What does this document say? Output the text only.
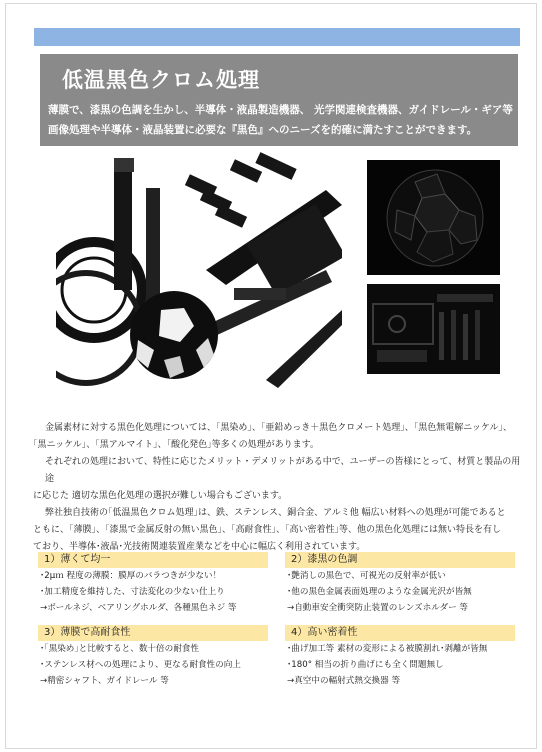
低温黒色クロム処理
薄膜で、漆黒の色調を生かし、半導体・液晶製造機器、 光学関連検査機器、ガイドレール・ギア等
画像処理や半導体・液晶装置に必要な『黒色』へのニーズを的確に満たすことができます。

金属素材に対する黒色化処理については、｢黒染め｣、｢亜鉛めっき＋黒色クロメート処理｣、｢黒色無電解ニッケル｣、

｢黒ニッケル｣、｢黒アルマイト｣、｢酸化発色｣等多くの処理があります。

それぞれの処理において、特性に応じたメリット・デメリットがある中で、ユーザーの皆様にとって、材質と製品の用途

に応じた 適切な黒色化処理の選択が難しい場合もございます。

弊社独自技術の｢低温黒色クロム処理｣は、鉄、ステンレス、銅合金、アルミ他 幅広い材料への処理が可能であると

ともに、｢薄膜｣、｢漆黒で金属反射の無い黒色｣、｢高耐食性｣、｢高い密着性｣等、他の黒色化処理には無い特長を有し

ており、半導体･液晶･光技術関連装置産業などを中心に幅広く利用されています。

1）薄くて均一
･2μｍ 程度の薄膜：膜厚のバラつきが少ない！
･加工精度を維持した、寸法変化の少ない仕上り
→ボールネジ、ベアリングホルダ、各種黒色ネジ 等
2）漆黒の色調
･艶消しの黒色で、可視光の反射率が低い
･他の黒色金属表面処理のような金属光沢が皆無
→自動車安全衝突防止装置のレンズホルダー 等
3）薄膜で高耐食性
･｢黒染め｣と比較すると、数十倍の耐食性
･ステンレス材への処理により、更なる耐食性の向上
→精密シャフト、ガイドレール 等
4）高い密着性
･曲げ加工等 素材の変形による被膜割れ･剥離が皆無
･180° 相当の折り曲げにも全く問題無し
→真空中の輻射式熱交換器 等
